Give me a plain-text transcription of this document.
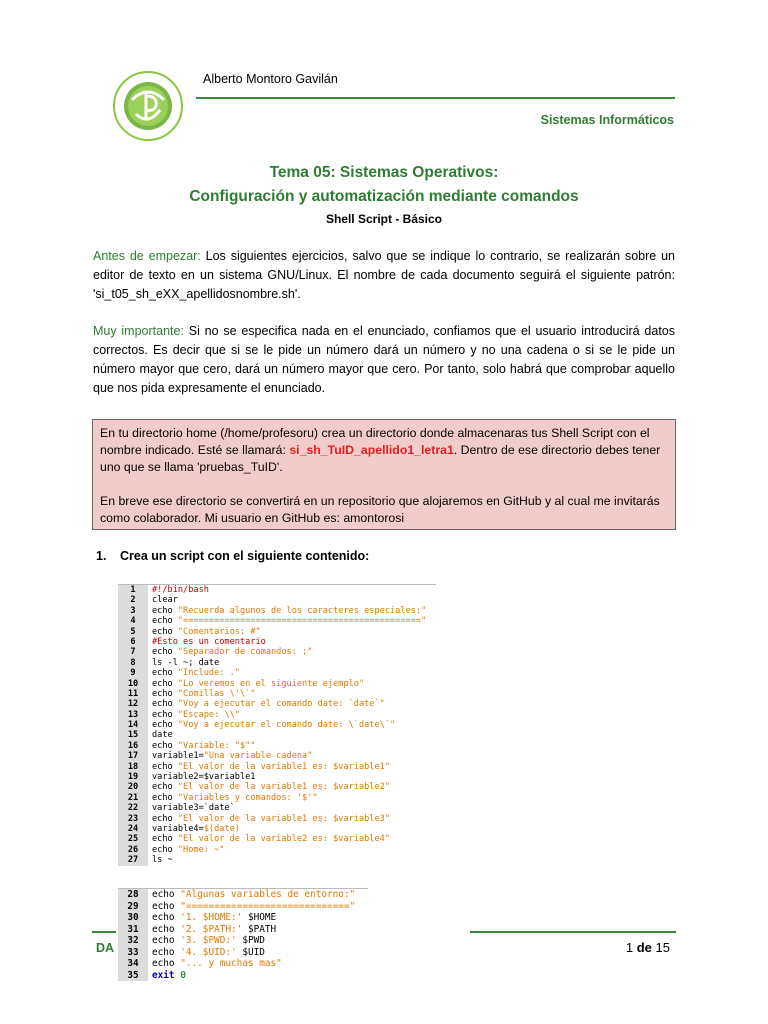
Alberto Montoro Gavilán
Sistemas Informáticos
Tema 05: Sistemas Operativos:
Configuración y automatización mediante comandos
Shell Script - Básico
Antes de empezar: Los siguientes ejercicios, salvo que se indique lo contrario, se realizarán sobre un editor de texto en un sistema GNU/Linux. El nombre de cada documento seguirá el siguiente patrón: 'si_t05_sh_eXX_apellidosnombre.sh'.
Muy importante: Si no se especifica nada en el enunciado, confiamos que el usuario introducirá datos correctos. Es decir que si se le pide un número dará un número y no una cadena o si se le pide un número mayor que cero, dará un número mayor que cero. Por tanto, solo habrá que comprobar aquello que nos pida expresamente el enunciado.

En tu directorio home (/home/profesoru) crea un directorio donde almacenaras tus Shell Script con el nombre indicado. Esté se llamará: si_sh_TuID_apellido1_letra1. Dentro de ese directorio debes tener uno que se llama 'pruebas_TuID'.

En breve ese directorio se convertirá en un repositorio que alojaremos en GitHub y al cual me invitarás como colaborador. Mi usuario en GitHub es: amontorosi

1. Crea un script con el siguiente contenido:
1	#!/bin/bash
2	clear
3	echo "Recuerda algunos de los caracteres especiales:"
4	echo "=============================================="
5	echo "Comentarios: #"
6	#Esto es un comentario
7	echo "Separador de comandos: ;"
8	ls -l ~; date
9	echo "Include: ."
10	echo "Lo veremos en el siguiente ejemplo"
11	echo "Comillas \'\`"
12	echo "Voy a ejecutar el comando date: `date`"
13	echo "Escape: \\"
14	echo "Voy a ejecutar el comando date: \`date\`"
15	date
16	echo "Variable: "$""
17	variable1="Una variable cadena"
18	echo "El valor de la variable1 es: $variable1"
19	variable2=$variable1
20	echo "El valor de la variable1 es: $variable2"
21	echo "Variables y comandos: '$'"
22	variable3=`date`
23	echo "El valor de la variable1 es: $variable3"
24	variable4=$(date)
25	echo "El valor de la variable2 es: $variable4"
26	echo "Home: ~"
27	ls ~
28	echo "Algunas variables de entorno:"
29	echo "============================="
30	echo '1. $HOME:' $HOME
31	echo '2. $PATH:' $PATH
32	echo '3. $PWD:' $PWD
33	echo '4. $UID:' $UID
34	echo "... y muchas mas"
35	exit 0
DA	1 de 15
